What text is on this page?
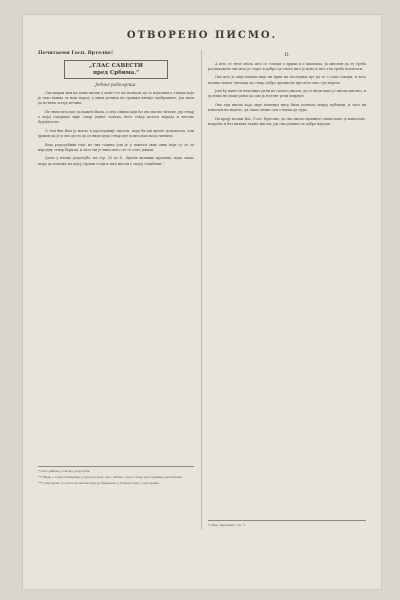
ОТВОРЕНО ПИСМО.
Почитаеми Госп. Вртелне!
„ГЛАС САВЕСТИ
пред Србима."
Једног родољупца.

Одговарам вам на ваше писмо у коме сте ме позвали да се изјасним о ствари која је тако важна за наш народ; у овим речима не тражим ничије одобравање, јер знам да истина остаје истина.

Не знам шта пре да кажем Вама, а шта онима који ће ово писмо читати, јер ствар о којој говоримо није ствар једног човека, него ствар целога народа и његове будућности.

О том бих Вам ја могао и пространије писати, када би ми време допуштало, али држим да је и ово доста да се види куда ствар иде и шта нам ваља чинити.

Ваш родољубиви глас из тих година још је у памети свих оних који су се за народну ствар борили, и зато ми је мило што сте се опет јавили.

Даље у писму родољуба, на стр. 33 до 4: „Време великих промена, када свако мора да покаже на којој страни стоји и шта мисли о својој отаџбини."

II.

А што се тиче онога што се говори о цркви и о школама, ја мислим да ту треба разликовати оно што је старо и добро од онога што је ново и што тек треба испитати.

Ово што ја овде пишем није ни први ни последњи пут да се о томе говори, и зато молим сваког читаоца да ствар добро промисли пре него што суд изрече.

Још ћу навести неколико речи из самога писма, да се види како је писац мислио, и да нико не може рећи да сам ја његове речи изврнуо.

Ова три писма која овде поменух нису била позната широј публици, и зато их износим на видело, да свако може сам о њима да суди.

На крају молим Вас, Госп. Вртелне, да ово писмо примите онако како је написано, искрено и без икакве задње мисли, јер сви радимо за добро народа.

*) Ово рађено у писму родољуба.
**) Види о томе опширније у другом делу овог писма, где је ствар пространије разложена.
***) Ове речи су узете из писма које је објављено у Новом Саду у оно време.
*) Вид. напомену стр. 7.
